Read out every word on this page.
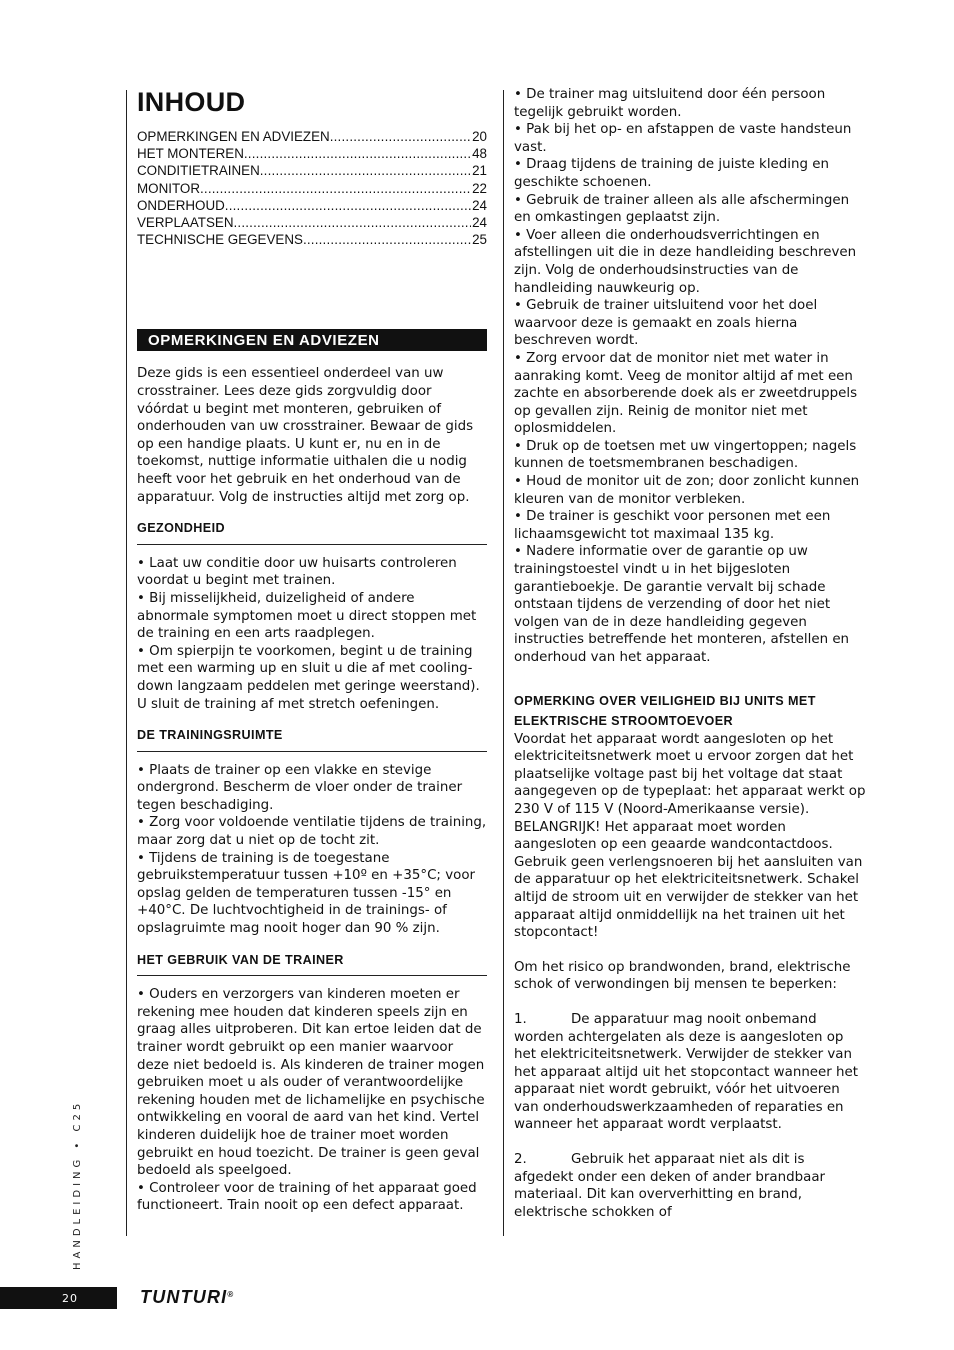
INHOUD
OPMERKINGEN EN ADVIEZEN .....	20
HET MONTEREN .....	48
CONDITIETRAINEN .....	21
MONITOR .....	22
ONDERHOUD .....	24
VERPLAATSEN .....	24
TECHNISCHE GEGEVENS .....	25
OPMERKINGEN EN ADVIEZEN

Deze gids is een essentieel onderdeel van uw crosstrainer. Lees deze gids zorgvuldig door vóórdat u begint met monteren, gebruiken of onderhouden van uw crosstrainer. Bewaar de gids op een handige plaats. U kunt er, nu en in de toekomst, nuttige informatie uithalen die u nodig heeft voor het gebruik en het onderhoud van de apparatuur. Volg de instructies altijd met zorg op.

GEZONDHEID

• Laat uw conditie door uw huisarts controleren voordat u begint met trainen.

• Bij misselijkheid, duizeligheid of andere abnormale symptomen moet u direct stoppen met de training en een arts raadplegen.

• Om spierpijn te voorkomen, begint u de training met een warming up en sluit u die af met cooling-down langzaam peddelen met geringe weerstand). U sluit de training af met stretch oefeningen.

DE TRAININGSRUIMTE

• Plaats de trainer op een vlakke en stevige ondergrond. Bescherm de vloer onder de trainer tegen beschadiging.

• Zorg voor voldoende ventilatie tijdens de training, maar zorg dat u niet op de tocht zit.

• Tijdens de training is de toegestane gebruikstemperatuur tussen +10º en +35°C; voor opslag gelden de temperaturen tussen -15° en +40°C. De luchtvochtigheid in de trainings- of opslagruimte mag nooit hoger dan 90 % zijn.

HET GEBRUIK VAN DE TRAINER

• Ouders en verzorgers van kinderen moeten er rekening mee houden dat kinderen speels zijn en graag alles uitproberen. Dit kan ertoe leiden dat de trainer wordt gebruikt op een manier waarvoor deze niet bedoeld is. Als kinderen de trainer mogen gebruiken moet u als ouder of verantwoordelijke rekening houden met de lichamelijke en psychische ontwikkeling en vooral de aard van het kind. Vertel kinderen duidelijk hoe de trainer moet worden gebruikt en houd toezicht. De trainer is geen geval bedoeld als speelgoed.

• Controleer voor de training of het apparaat goed functioneert. Train nooit op een defect apparaat.

• De trainer mag uitsluitend door één persoon tegelijk gebruikt worden.

• Pak bij het op- en afstappen de vaste handsteun vast.

• Draag tijdens de training de juiste kleding en geschikte schoenen.

• Gebruik de trainer alleen als alle afschermingen en omkastingen geplaatst zijn.

• Voer alleen die onderhoudsverrichtingen en afstellingen uit die in deze handleiding beschreven zijn. Volg de onderhoudsinstructies van de handleiding nauwkeurig op.

• Gebruik de trainer uitsluitend voor het doel waarvoor deze is gemaakt en zoals hierna beschreven wordt.

• Zorg ervoor dat de monitor niet met water in aanraking komt. Veeg de monitor altijd af met een zachte en absorberende doek als er zweetdruppels op gevallen zijn. Reinig de monitor niet met oplosmiddelen.

• Druk op de toetsen met uw vingertoppen; nagels kunnen de toetsmembranen beschadigen.

• Houd de monitor uit de zon; door zonlicht kunnen kleuren van de monitor verbleken.

• De trainer is geschikt voor personen met een lichaamsgewicht tot maximaal 135 kg.

• Nadere informatie over de garantie op uw trainingstoestel vindt u in het bijgesloten garantieboekje. De garantie vervalt bij schade ontstaan tijdens de verzending of door het niet volgen van de in deze handleiding gegeven instructies betreffende het monteren, afstellen en onderhoud van het apparaat.

OPMERKING OVER VEILIGHEID BIJ UNITS MET ELEKTRISCHE STROOMTOEVOER

Voordat het apparaat wordt aangesloten op het elektriciteitsnetwerk moet u ervoor zorgen dat het plaatselijke voltage past bij het voltage dat staat aangegeven op de typeplaat: het apparaat werkt op 230 V of 115 V (Noord-Amerikaanse versie). BELANGRIJK! Het apparaat moet worden aangesloten op een geaarde wandcontactdoos. Gebruik geen verlengsnoeren bij het aansluiten van de apparatuur op het elektriciteitsnetwerk. Schakel altijd de stroom uit en verwijder de stekker van het apparaat altijd onmiddellijk na het trainen uit het stopcontact!

Om het risico op brandwonden, brand, elektrische schok of verwondingen bij mensen te beperken:

1.	De apparatuur mag nooit onbemand worden achtergelaten als deze is aangesloten op het elektriciteitsnetwerk. Verwijder de stekker van het apparaat altijd uit het stopcontact wanneer het apparaat niet wordt gebruikt, vóór het uitvoeren van onderhoudswerkzaamheden of reparaties en wanneer het apparaat wordt verplaatst.

2.	Gebruik het apparaat niet als dit is afgedekt onder een deken of ander brandbaar materiaal. Dit kan oververhitting en brand, elektrische schokken of

HANDLEIDING • C25
20	TUNTURI®
